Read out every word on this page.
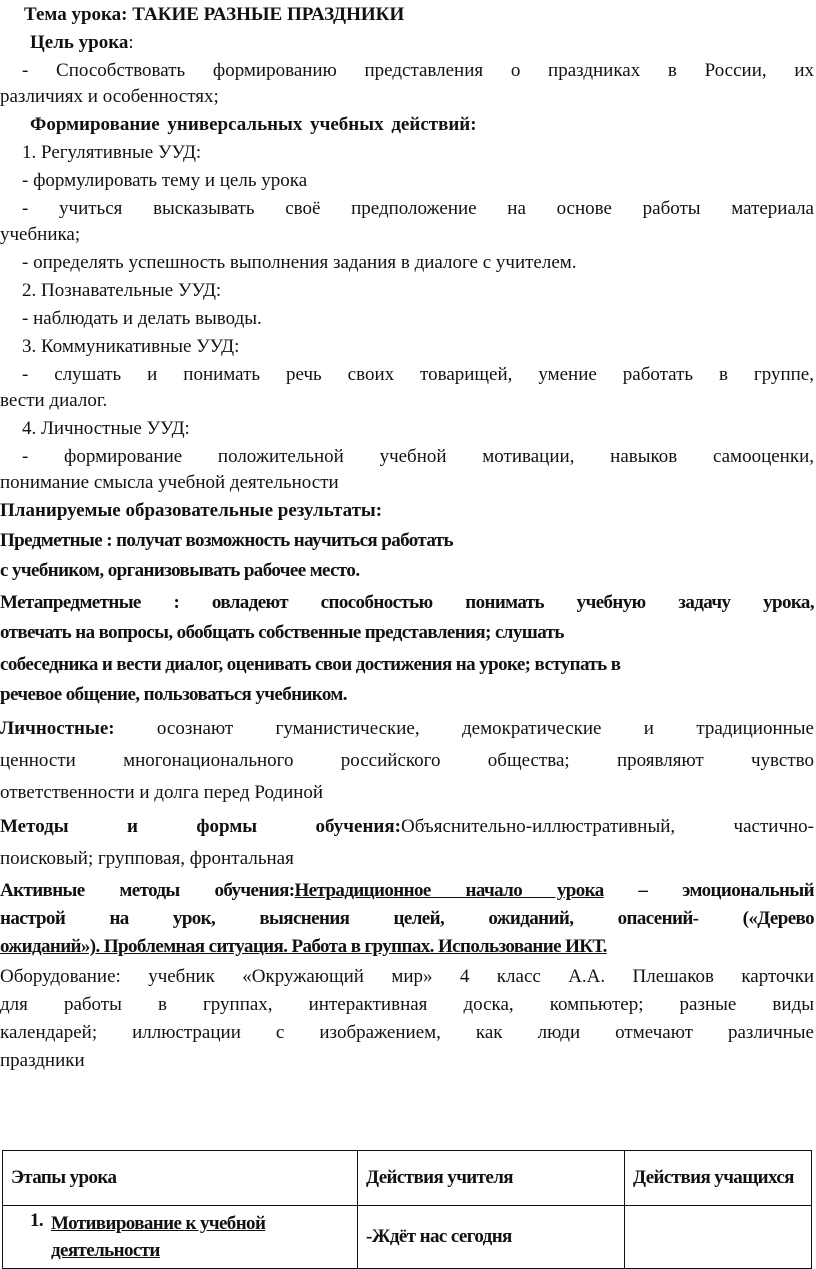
Тема урока: ТАКИЕ РАЗНЫЕ ПРАЗДНИКИ
Цель урока:
- Способствовать формированию представления о праздниках в России, их
различиях и особенностях;
Формирование универсальных учебных действий:
1. Регулятивные УУД:
- формулировать тему и цель урока
- учиться высказывать своё предположение на основе работы материала
учебника;
- определять успешность выполнения задания в диалоге с учителем.
2. Познавательные УУД:
- наблюдать и делать выводы.
3. Коммуникативные УУД:
- слушать и понимать речь своих товарищей, умение работать в группе,
вести диалог.
4. Личностные УУД:
- формирование положительной учебной мотивации, навыков самооценки,
понимание смысла учебной деятельности
Планируемые образовательные результаты:
Предметные : получат возможность научиться работать
с учебником, организовывать рабочее место.
Метапредметные : овладеют способностью понимать учебную задачу урока,
отвечать на вопросы, обобщать собственные представления; слушать
собеседника и вести диалог, оценивать свои достижения на уроке; вступать в
речевое общение, пользоваться учебником.
Личностные: осознают гуманистические, демократические и традиционные
ценности многонационального российского общества; проявляют чувство
ответственности и долга перед Родиной
Методы и формы обучения:Объяснительно-иллюстративный, частично-
поисковый; групповая, фронтальная
Активные методы обучения:Нетрадиционное начало урока – эмоциональный
настрой на урок, выяснения целей, ожиданий, опасений- («Дерево
ожиданий»). Проблемная ситуация. Работа в группах. Использование ИКТ.
Оборудование: учебник «Окружающий мир» 4 класс А.А. Плешаков карточки
для работы в группах, интерактивная доска, компьютер; разные виды
календарей; иллюстрации с изображением, как люди отмечают различные
праздники
Этапы урока	Действия учителя	Действия учащихся

1. Мотивирование к учебной деятельности	-Ждёт нас сегодня	
